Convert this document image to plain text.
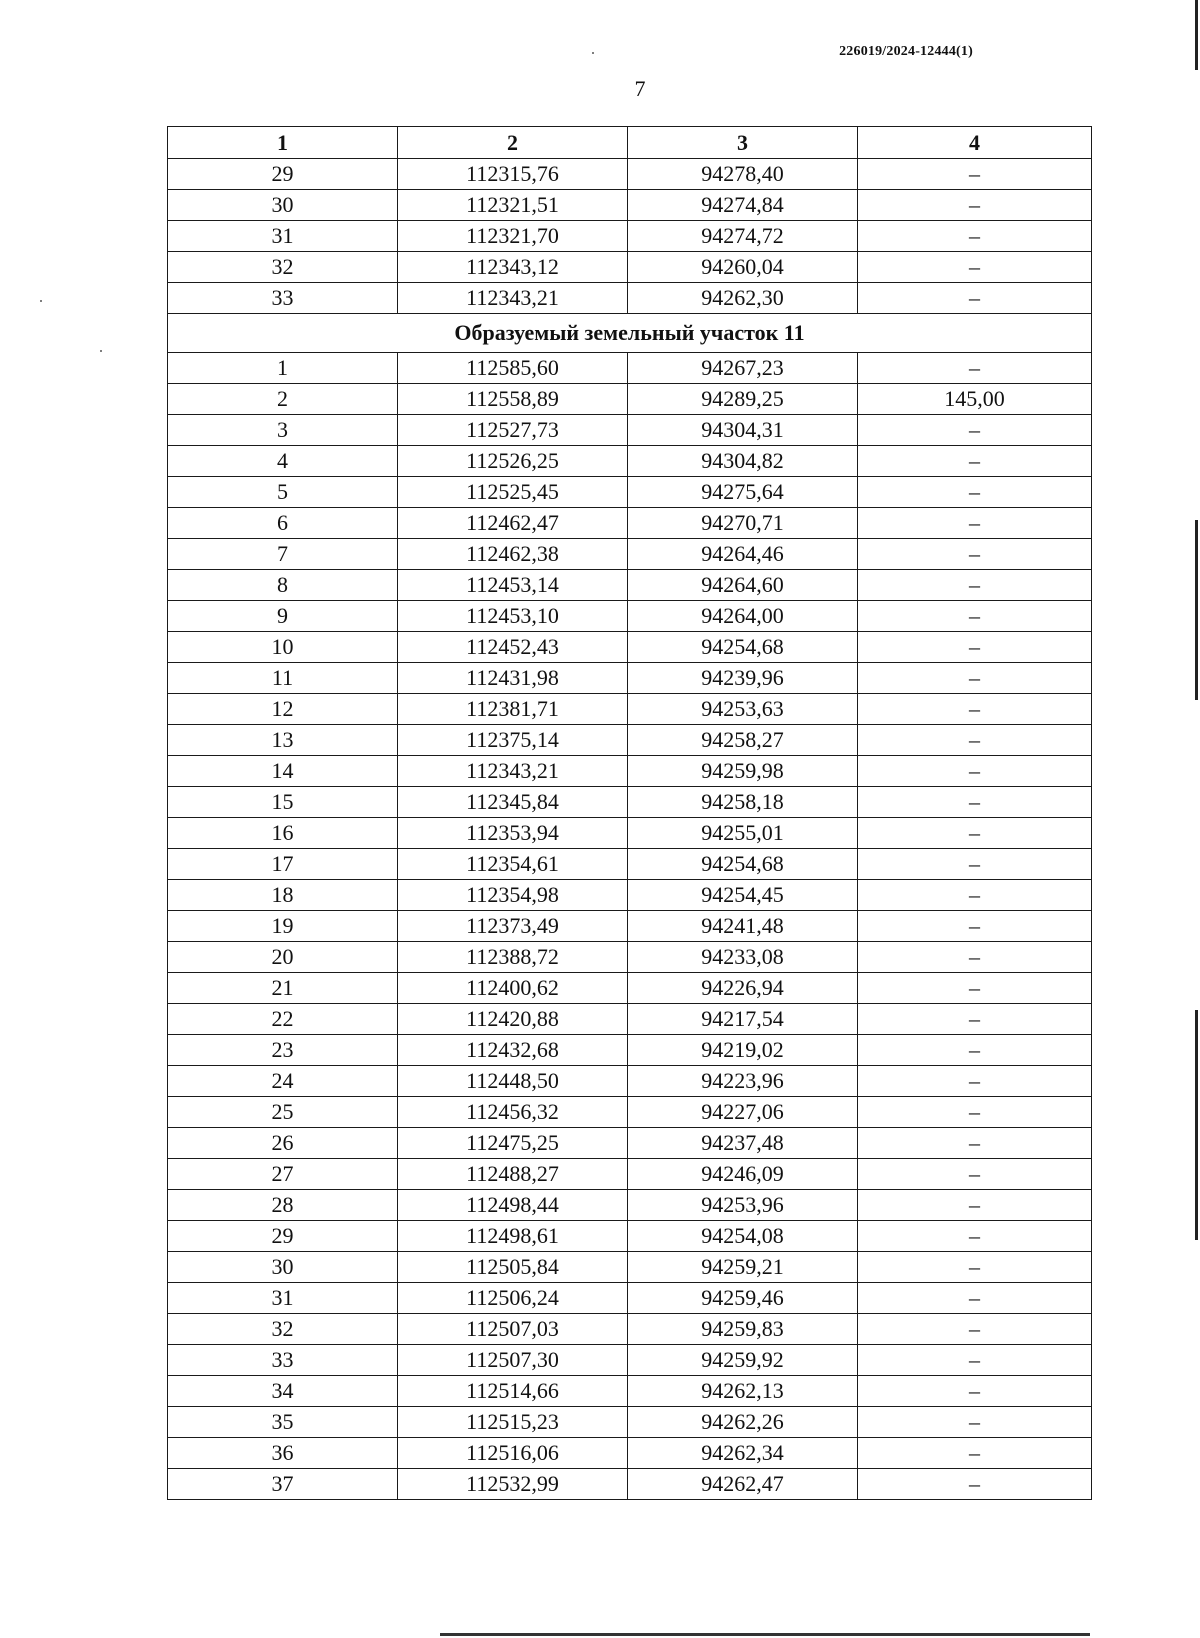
226019/2024-12444(1)
7
1	2	3	4
29	112315,76	94278,40	–
30	112321,51	94274,84	–
31	112321,70	94274,72	–
32	112343,12	94260,04	–
33	112343,21	94262,30	–
Образуемый земельный участок 11			
1	112585,60	94267,23	–
2	112558,89	94289,25	145,00
3	112527,73	94304,31	–
4	112526,25	94304,82	–
5	112525,45	94275,64	–
6	112462,47	94270,71	–
7	112462,38	94264,46	–
8	112453,14	94264,60	–
9	112453,10	94264,00	–
10	112452,43	94254,68	–
11	112431,98	94239,96	–
12	112381,71	94253,63	–
13	112375,14	94258,27	–
14	112343,21	94259,98	–
15	112345,84	94258,18	–
16	112353,94	94255,01	–
17	112354,61	94254,68	–
18	112354,98	94254,45	–
19	112373,49	94241,48	–
20	112388,72	94233,08	–
21	112400,62	94226,94	–
22	112420,88	94217,54	–
23	112432,68	94219,02	–
24	112448,50	94223,96	–
25	112456,32	94227,06	–
26	112475,25	94237,48	–
27	112488,27	94246,09	–
28	112498,44	94253,96	–
29	112498,61	94254,08	–
30	112505,84	94259,21	–
31	112506,24	94259,46	–
32	112507,03	94259,83	–
33	112507,30	94259,92	–
34	112514,66	94262,13	–
35	112515,23	94262,26	–
36	112516,06	94262,34	–
37	112532,99	94262,47	–
